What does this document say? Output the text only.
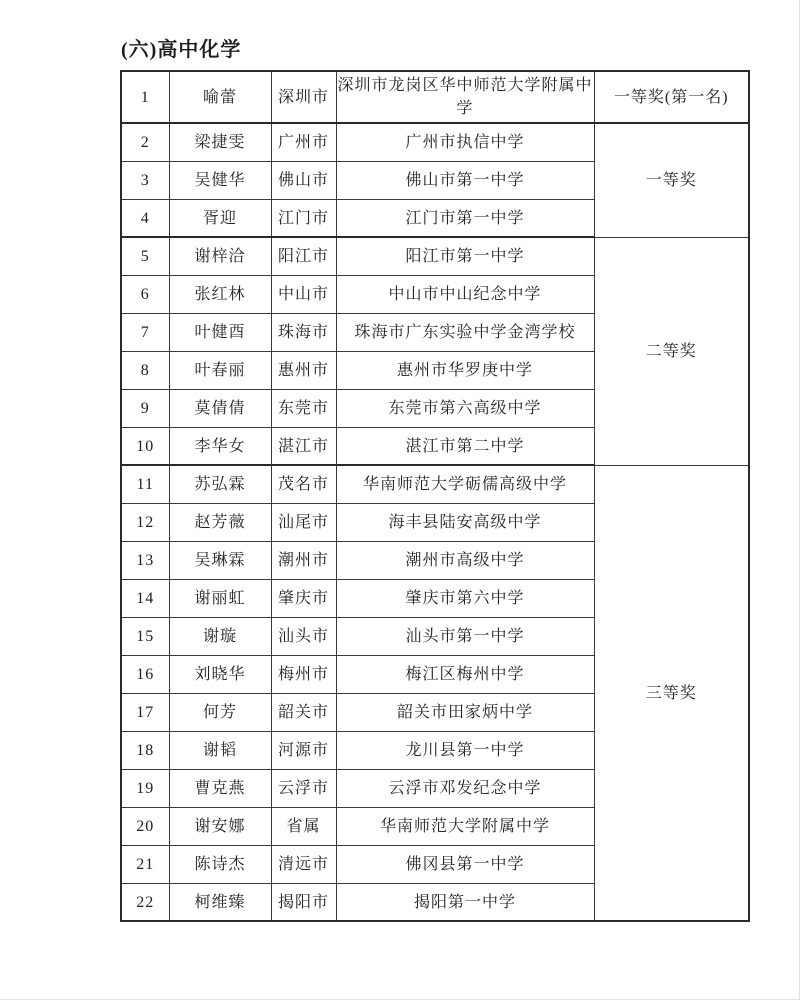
(六)高中化学
1	喻蕾	深圳市	深圳市龙岗区华中师范大学附属中学	一等奖(第一名)
2	梁捷雯	广州市	广州市执信中学	一等奖
3	吴健华	佛山市	佛山市第一中学	
4	胥迎	江门市	江门市第一中学	
5	谢梓洽	阳江市	阳江市第一中学	二等奖
6	张红林	中山市	中山市中山纪念中学	
7	叶健酉	珠海市	珠海市广东实验中学金湾学校	
8	叶春丽	惠州市	惠州市华罗庚中学	
9	莫倩倩	东莞市	东莞市第六高级中学	
10	李华女	湛江市	湛江市第二中学	
11	苏弘霖	茂名市	华南师范大学砺儒高级中学	三等奖
12	赵芳薇	汕尾市	海丰县陆安高级中学	
13	吴琳霖	潮州市	潮州市高级中学	
14	谢丽虹	肇庆市	肇庆市第六中学	
15	谢璇	汕头市	汕头市第一中学	
16	刘晓华	梅州市	梅江区梅州中学	
17	何芳	韶关市	韶关市田家炳中学	
18	谢韬	河源市	龙川县第一中学	
19	曹克燕	云浮市	云浮市邓发纪念中学	
20	谢安娜	省属	华南师范大学附属中学	
21	陈诗杰	清远市	佛冈县第一中学	
22	柯维臻	揭阳市	揭阳第一中学	
